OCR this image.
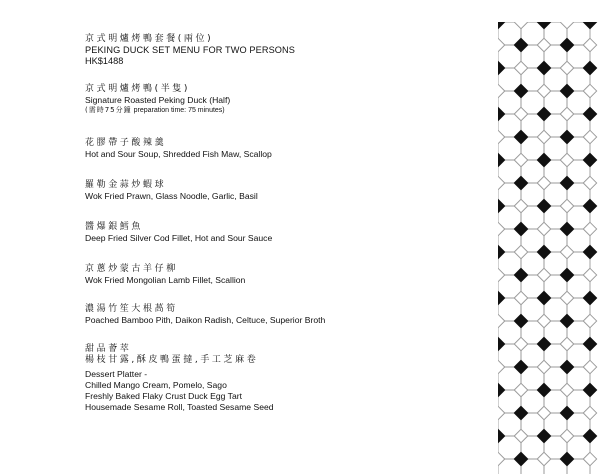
京式明爐烤鴨套餐(兩位)
PEKING DUCK SET MENU FOR TWO PERSONS
HK$1488
京式明爐烤鴨(半隻)
Signature Roasted Peking Duck (Half)
(需時75分鐘 preparation time: 75 minutes)
花膠帶子酸辣羹
Hot and Sour Soup, Shredded Fish Maw, Scallop
羅勒金蒜炒蝦球
Wok Fried Prawn, Glass Noodle, Garlic, Basil
醬爆銀鱈魚
Deep Fried Silver Cod Fillet, Hot and Sour Sauce
京蔥炒蒙古羊仔柳
Wok Fried Mongolian Lamb Fillet, Scallion
濃湯竹笙大根萵筍
Poached Bamboo Pith, Daikon Radish, Celtuce, Superior Broth
甜品薈萃
楊枝甘露,酥皮鴨蛋撻,手工芝麻卷
Dessert Platter -
Chilled Mango Cream, Pomelo, Sago
Freshly Baked Flaky Crust Duck Egg Tart
Housemade Sesame Roll, Toasted Sesame Seed
